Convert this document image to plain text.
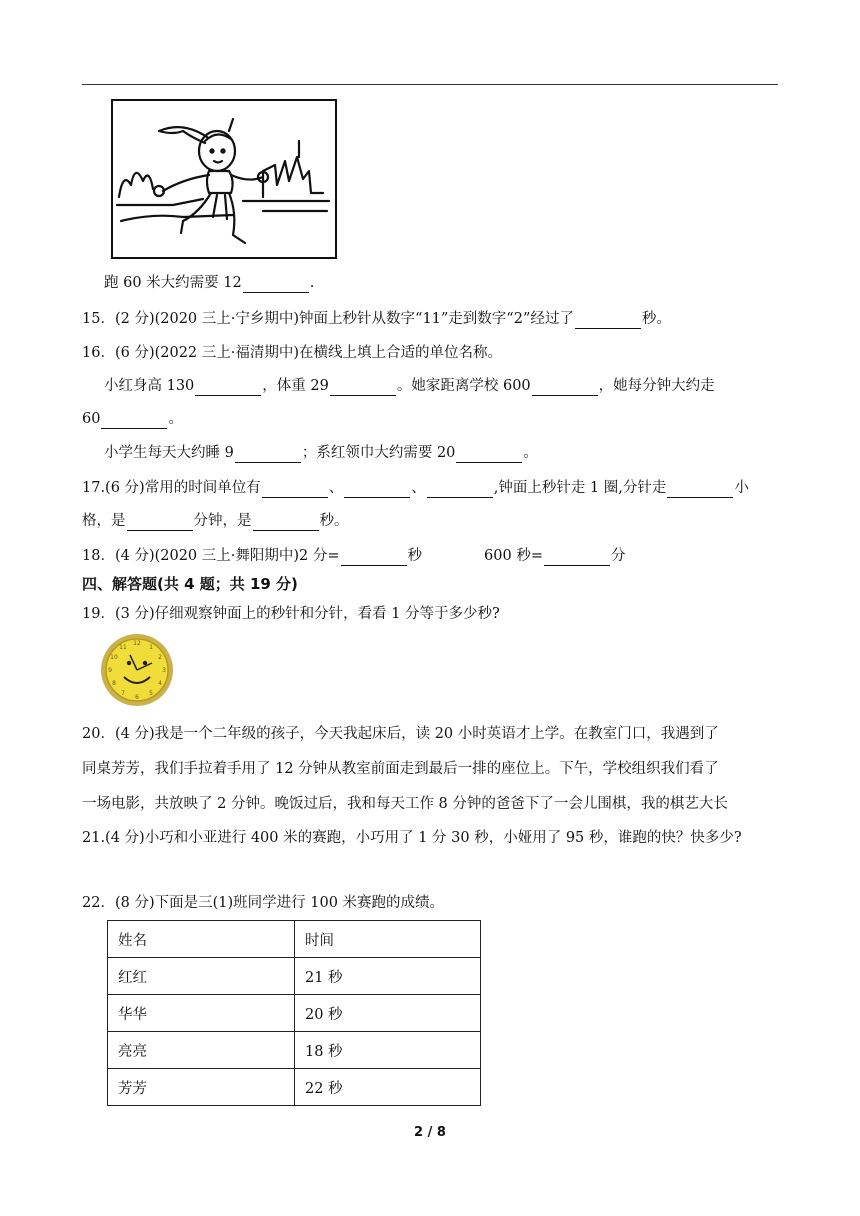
跑 60 米大约需要 12	.
15．(2 分)(2020 三上·宁乡期中)钟面上秒针从数字“11”走到数字“2”经过了	秒。
16．(6 分)(2022 三上·福清期中)在横线上填上合适的单位名称。
小红身高 130	，体重 29	。她家距离学校 600	，她每分钟大约走
60	。
小学生每天大约睡 9	；系红领巾大约需要 20	。
17.(6 分)常用的时间单位有	、	、	,钟面上秒针走 1 圈,分针走	小
格，是	分钟，是	秒。
18．(4 分)(2020 三上·舞阳期中)2 分=	秒	600 秒=	分
四、解答题(共 4 题；共 19 分)
19．(3 分)仔细观察钟面上的秒针和分针，看看 1 分等于多少秒?
12
1
2
3
4
5
6
7
8
9
10
11
20．(4 分)我是一个二年级的孩子，今天我起床后，读 20 小时英语才上学。在教室门口，我遇到了
同桌芳芳，我们手拉着手用了 12 分钟从教室前面走到最后一排的座位上。下午，学校组织我们看了
一场电影，共放映了 2 分钟。晚饭过后，我和每天工作 8 分钟的爸爸下了一会儿围棋，我的棋艺大长
21.(4 分)小巧和小亚进行 400 米的赛跑，小巧用了 1 分 30 秒，小娅用了 95 秒，谁跑的快？快多少?
22．(8 分)下面是三(1)班同学进行 100 米赛跑的成绩。
姓名	时间
红红	21 秒
华华	20 秒
亮亮	18 秒
芳芳	22 秒
2 / 8
